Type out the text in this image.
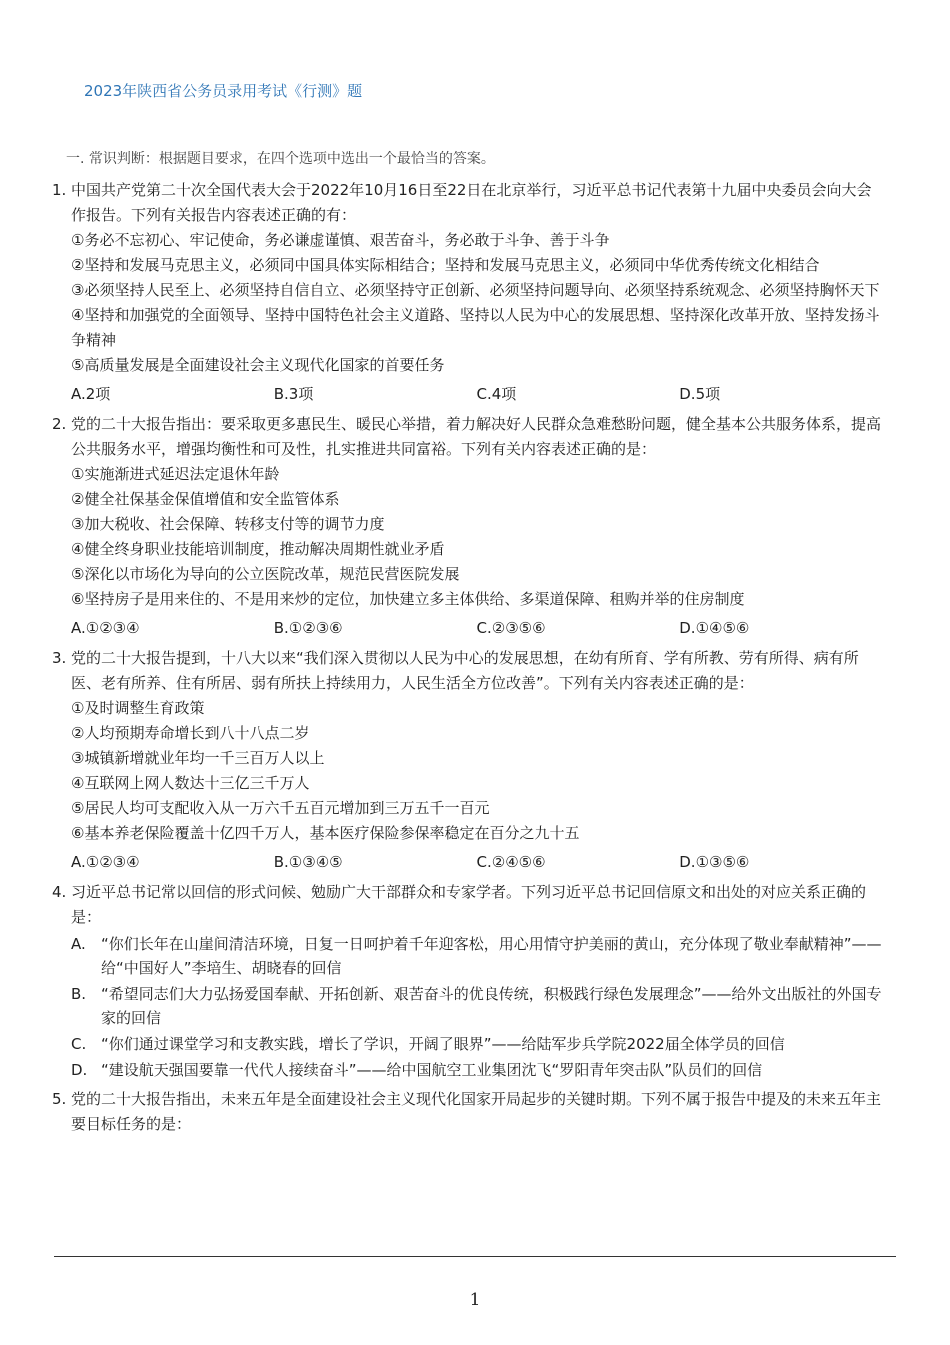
2023年陕西省公务员录用考试《行测》题
一. 常识判断：根据题目要求，在四个选项中选出一个最恰当的答案。
1. 中国共产党第二十次全国代表大会于2022年10月16日至22日在北京举行，习近平总书记代表第十九届中央委员会向大会作报告。下列有关报告内容表述正确的有：
①务必不忘初心、牢记使命，务必谦虚谨慎、艰苦奋斗，务必敢于斗争、善于斗争
②坚持和发展马克思主义，必须同中国具体实际相结合；坚持和发展马克思主义，必须同中华优秀传统文化相结合
③必须坚持人民至上、必须坚持自信自立、必须坚持守正创新、必须坚持问题导向、必须坚持系统观念、必须坚持胸怀天下
④坚持和加强党的全面领导、坚持中国特色社会主义道路、坚持以人民为中心的发展思想、坚持深化改革开放、坚持发扬斗争精神
⑤高质量发展是全面建设社会主义现代化国家的首要任务
A.2项	B.3项	C.4项	D.5项
2. 党的二十大报告指出：要采取更多惠民生、暖民心举措，着力解决好人民群众急难愁盼问题，健全基本公共服务体系，提高公共服务水平，增强均衡性和可及性，扎实推进共同富裕。下列有关内容表述正确的是：
①实施渐进式延迟法定退休年龄
②健全社保基金保值增值和安全监管体系
③加大税收、社会保障、转移支付等的调节力度
④健全终身职业技能培训制度，推动解决周期性就业矛盾
⑤深化以市场化为导向的公立医院改革，规范民营医院发展
⑥坚持房子是用来住的、不是用来炒的定位，加快建立多主体供给、多渠道保障、租购并举的住房制度
A.①②③④	B.①②③⑥	C.②③⑤⑥	D.①④⑤⑥
3. 党的二十大报告提到，十八大以来“我们深入贯彻以人民为中心的发展思想，在幼有所育、学有所教、劳有所得、病有所医、老有所养、住有所居、弱有所扶上持续用力，人民生活全方位改善”。下列有关内容表述正确的是：
①及时调整生育政策
②人均预期寿命增长到八十八点二岁
③城镇新增就业年均一千三百万人以上
④互联网上网人数达十三亿三千万人
⑤居民人均可支配收入从一万六千五百元增加到三万五千一百元
⑥基本养老保险覆盖十亿四千万人，基本医疗保险参保率稳定在百分之九十五
A.①②③④	B.①③④⑤	C.②④⑤⑥	D.①③⑤⑥
4. 习近平总书记常以回信的形式问候、勉励广大干部群众和专家学者。下列习近平总书记回信原文和出处的对应关系正确的是：
A.	“你们长年在山崖间清洁环境，日复一日呵护着千年迎客松，用心用情守护美丽的黄山，充分体现了敬业奉献精神”——给“中国好人”李培生、胡晓春的回信
B. “希望同志们大力弘扬爱国奉献、开拓创新、艰苦奋斗的优良传统，积极践行绿色发展理念”——给外文出版社的外国专家的回信
C. “你们通过课堂学习和支教实践，增长了学识，开阔了眼界”——给陆军步兵学院2022届全体学员的回信
D. “建设航天强国要靠一代代人接续奋斗”——给中国航空工业集团沈飞“罗阳青年突击队”队员们的回信
5. 党的二十大报告指出，未来五年是全面建设社会主义现代化国家开局起步的关键时期。下列不属于报告中提及的未来五年主要目标任务的是：
1
